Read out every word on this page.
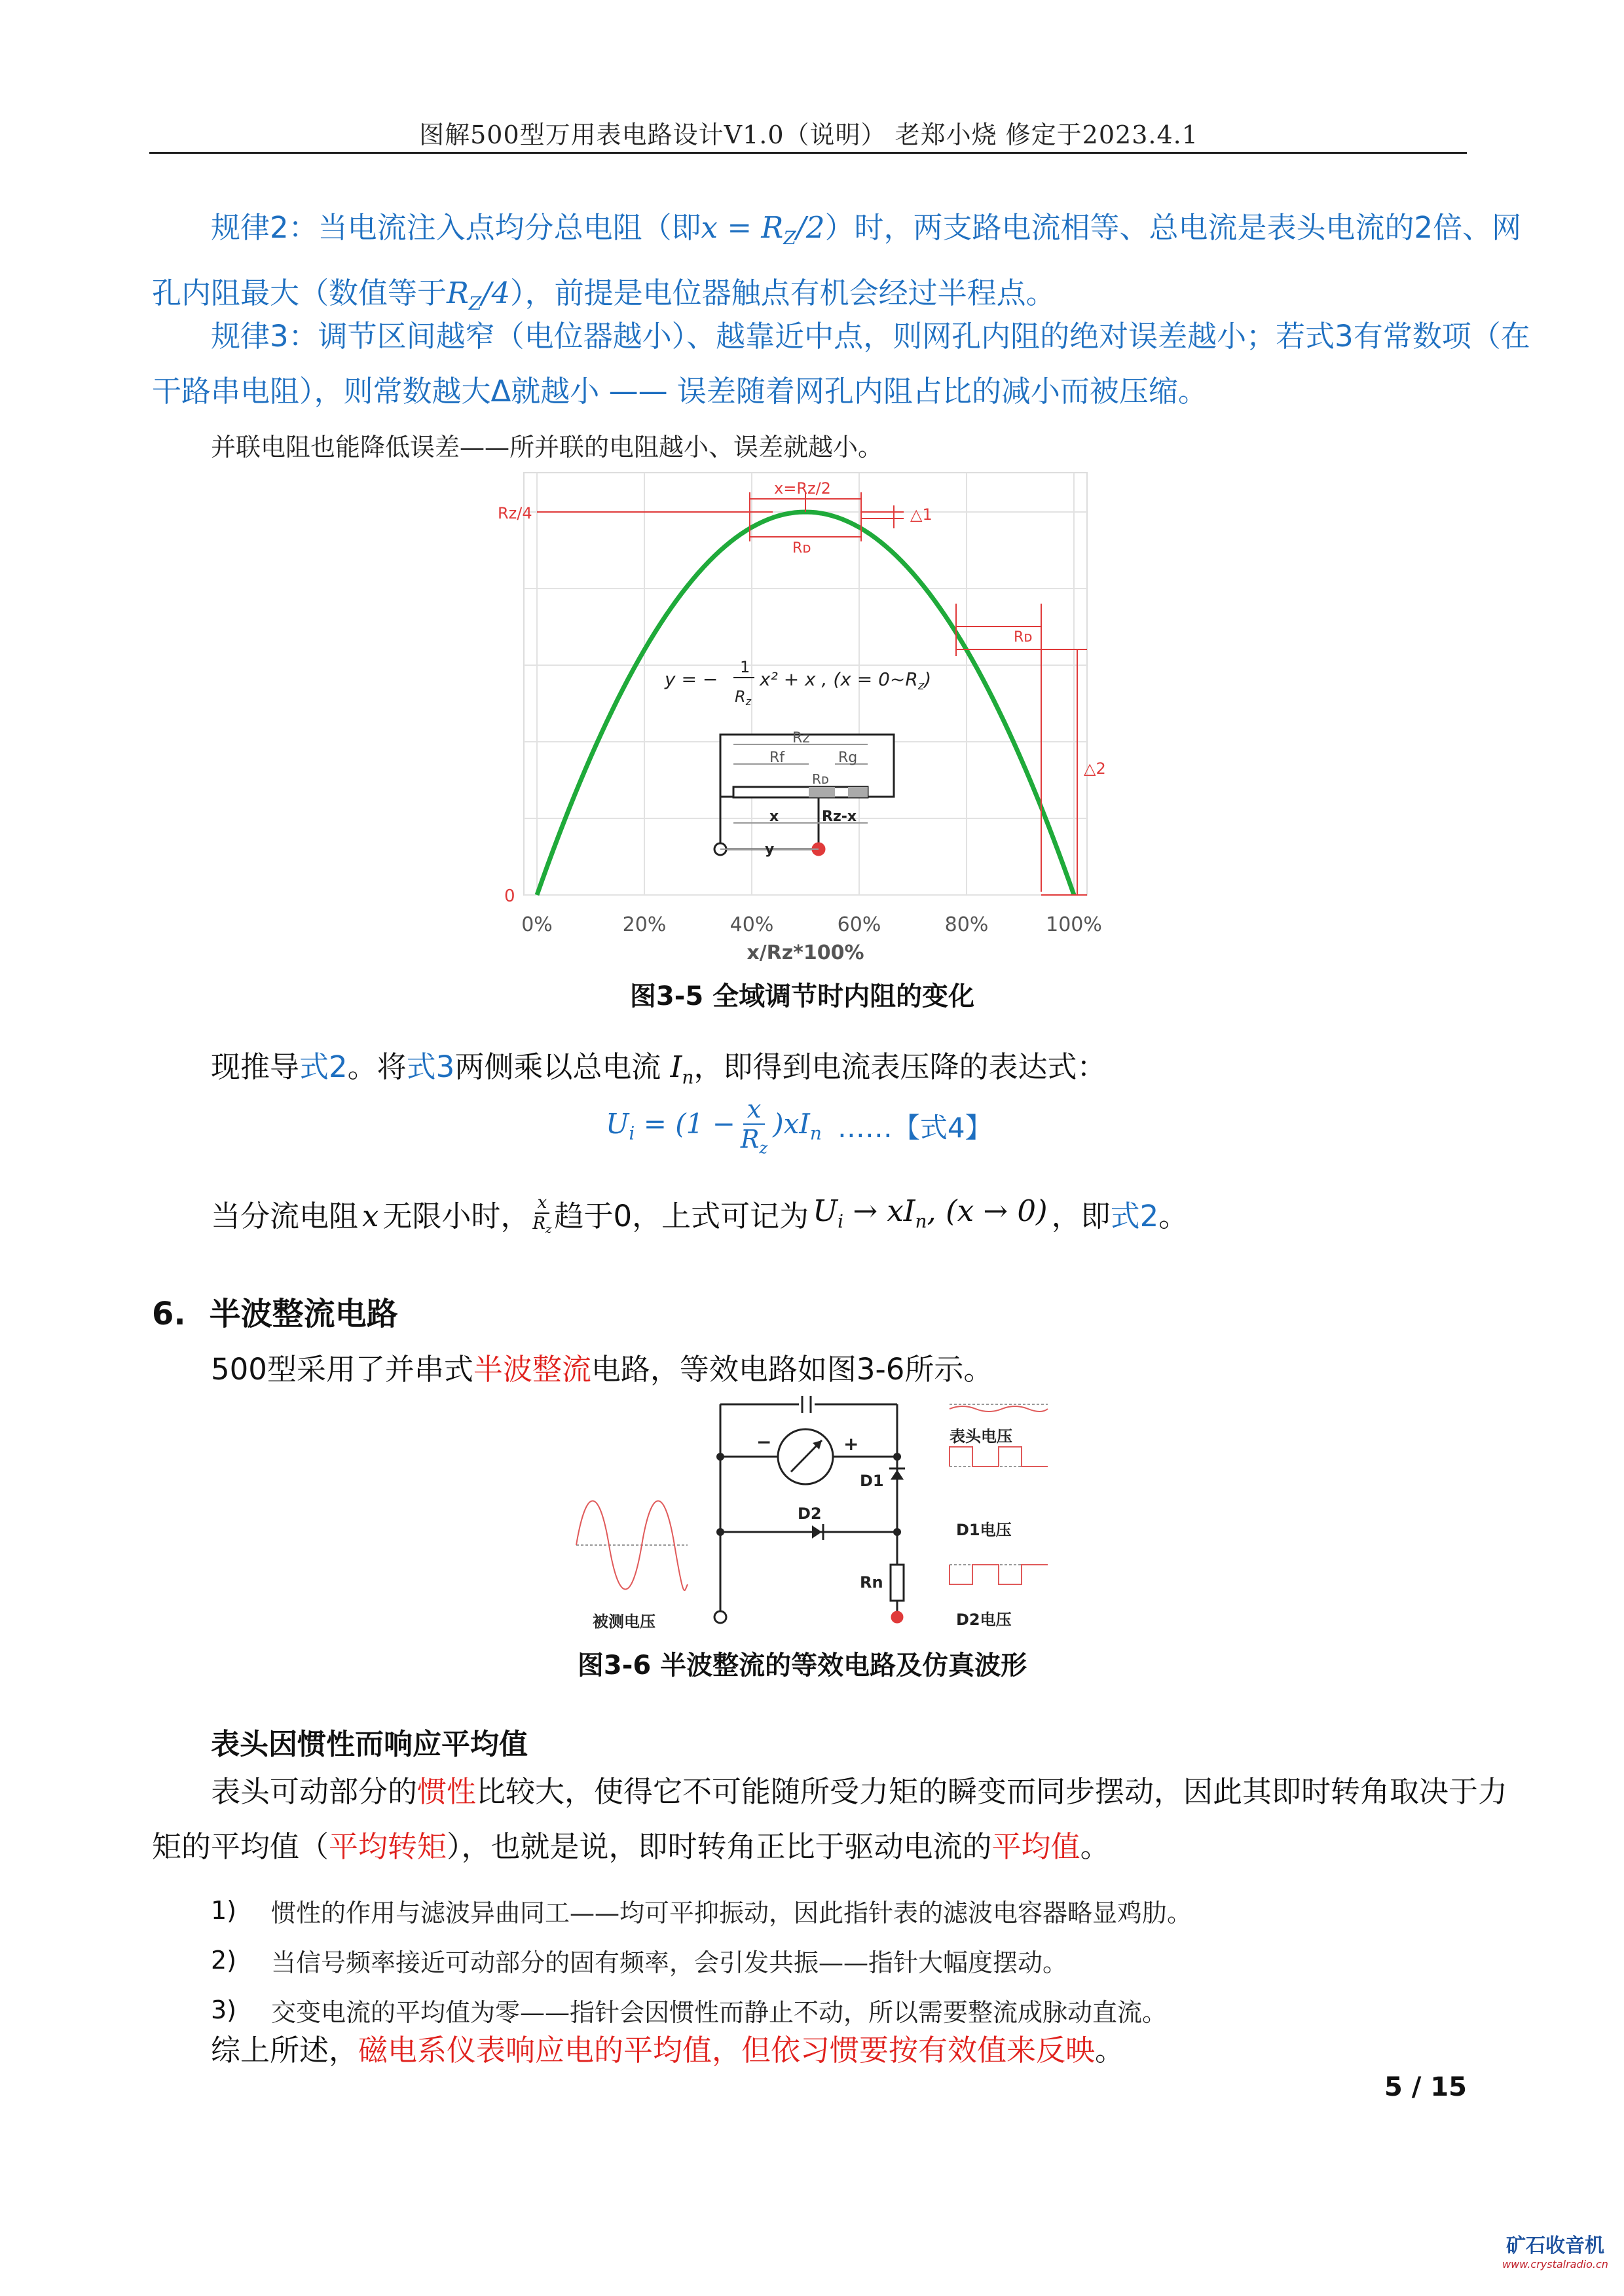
图解500型万用表电路设计V1.0（说明） 老郑小烧 修定于2023.4.1
规律2：当电流注入点均分总电阻（即$x = R_Z/2$）时，两支路电流相等、总电流是表头电流的2倍、网
孔内阻最大（数值等于$R_Z/4$），前提是电位器触点有机会经过半程点。
规律3：调节区间越窄（电位器越小）、越靠近中点，则网孔内阻的绝对误差越小；若式3有常数项（在
干路串电阻），则常数越大Δ就越小 —— 误差随着网孔内阻占比的减小而被压缩。
并联电阻也能降低误差——所并联的电阻越小、误差就越小。
0%	20%	40%	60%	80%	100%
Rz/4
0
x=Rz/2
△1
Rᴅ
Rᴅ
△2
y = −
1
$R_z$
x² + x , $(x = 0\sim R_z)$
Rz
Rf	Rg
Rᴅ
x	Rz-x
y
x/Rz*100%
图3-5 全域调节时内阻的变化
现推导式2。将式3两侧乘以总电流 $I_n$，即得到电流表压降的表达式：
$U_i = (1 - \frac{x}{R_z} )xI_n$ ……【式4】
当分流电阻 x 无限小时， x
$R_z$ 趋于0，上式可记为 $U_i \to xI_n$, (x → 0) ，即 式2 。
6. 半波整流电路
500型采用了并串式半波整流电路，等效电路如图3-6所示。
被测电压
−	+
D1
D2
Rn
表头电压
D1电压
D2电压
图3-6 半波整流的等效电路及仿真波形
表头因惯性而响应平均值
表头可动部分的惯性比较大，使得它不可能随所受力矩的瞬变而同步摆动，因此其即时转角取决于力
矩的平均值（平均转矩），也就是说，即时转角正比于驱动电流的平均值。
1)	惯性的作用与滤波异曲同工——均可平抑振动，因此指针表的滤波电容器略显鸡肋。
2)	当信号频率接近可动部分的固有频率，会引发共振——指针大幅度摆动。
3)	交变电流 的平均值为零——指针会因惯性而静止不动，所以需要整流成脉动直流。
综上所述，磁电系仪表响应电的平均值，但依习惯要按有效值来反映。
5 / 15
矿石收音机
www.crystalradio.cn
